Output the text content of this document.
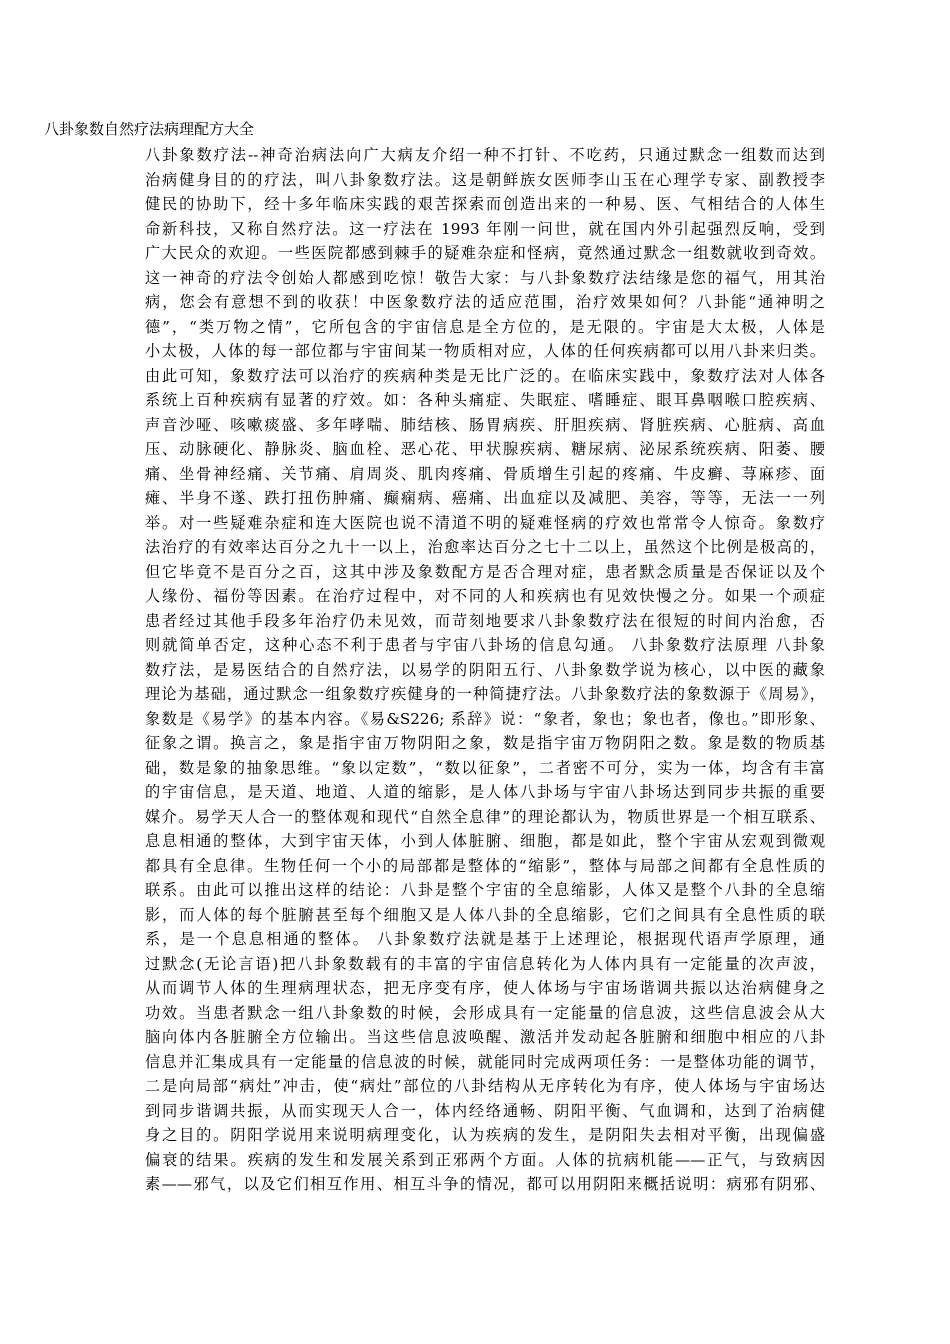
八卦象数自然疗法病理配方大全
八卦象数疗法--神奇治病法向广大病友介绍一种不打针、不吃药，只通过默念一组数而达到
治病健身目的的疗法，叫八卦象数疗法。这是朝鲜族女医师李山玉在心理学专家、副教授李
健民的协助下，经十多年临床实践的艰苦探索而创造出来的一种易、医、气相结合的人体生
命新科技，又称自然疗法。这一疗法在 1993 年刚一问世，就在国内外引起强烈反响，受到
广大民众的欢迎。一些医院都感到棘手的疑难杂症和怪病，竟然通过默念一组数就收到奇效。
这一神奇的疗法令创始人都感到吃惊！敬告大家：与八卦象数疗法结缘是您的福气，用其治
病，您会有意想不到的收获！中医象数疗法的适应范围，治疗效果如何？八卦能“通神明之
德”，“类万物之情”，它所包含的宇宙信息是全方位的，是无限的。宇宙是大太极，人体是
小太极，人体的每一部位都与宇宙间某一物质相对应，人体的任何疾病都可以用八卦来归类。
由此可知，象数疗法可以治疗的疾病种类是无比广泛的。在临床实践中，象数疗法对人体各
系统上百种疾病有显著的疗效。如：各种头痛症、失眠症、嗜睡症、眼耳鼻咽喉口腔疾病、
声音沙哑、咳嗽痰盛、多年哮喘、肺结核、肠胃病疾、肝胆疾病、肾脏疾病、心脏病、高血
压、动脉硬化、静脉炎、脑血栓、恶心花、甲状腺疾病、糖尿病、泌尿系统疾病、阳萎、腰
痛、坐骨神经痛、关节痛、肩周炎、肌肉疼痛、骨质增生引起的疼痛、牛皮癣、荨麻疹、面
瘫、半身不遂、跌打扭伤肿痛、癫痫病、癌痛、出血症以及减肥、美容，等等，无法一一列
举。对一些疑难杂症和连大医院也说不清道不明的疑难怪病的疗效也常常令人惊奇。象数疗
法治疗的有效率达百分之九十一以上，治愈率达百分之七十二以上，虽然这个比例是极高的，
但它毕竟不是百分之百，这其中涉及象数配方是否合理对症，患者默念质量是否保证以及个
人缘份、福份等因素。在治疗过程中，对不同的人和疾病也有见效快慢之分。如果一个顽症
患者经过其他手段多年治疗仍未见效，而苛刻地要求八卦象数疗法在很短的时间内治愈，否
则就简单否定，这种心态不利于患者与宇宙八卦场的信息勾通。 八卦象数疗法原理 八卦象
数疗法，是易医结合的自然疗法，以易学的阴阳五行、八卦象数学说为核心，以中医的藏象
理论为基础，通过默念一组象数疗疾健身的一种简捷疗法。八卦象数疗法的象数源于《周易》，
象数是《易学》的基本内容。《易&S226; 系辞》说：“象者，象也；象也者，像也。”即形象、
征象之谓。换言之，象是指宇宙万物阴阳之象，数是指宇宙万物阴阳之数。象是数的物质基
础，数是象的抽象思维。“象以定数”，“数以征象”，二者密不可分，实为一体，均含有丰富
的宇宙信息，是天道、地道、人道的缩影，是人体八卦场与宇宙八卦场达到同步共振的重要
媒介。易学天人合一的整体观和现代“自然全息律”的理论都认为，物质世界是一个相互联系、
息息相通的整体，大到宇宙天体，小到人体脏腑、细胞，都是如此，整个宇宙从宏观到微观
都具有全息律。生物任何一个小的局部都是整体的“缩影”，整体与局部之间都有全息性质的
联系。由此可以推出这样的结论：八卦是整个宇宙的全息缩影，人体又是整个八卦的全息缩
影，而人体的每个脏腑甚至每个细胞又是人体八卦的全息缩影，它们之间具有全息性质的联
系，是一个息息相通的整体。 八卦象数疗法就是基于上述理论，根据现代语声学原理，通
过默念(无论言语)把八卦象数载有的丰富的宇宙信息转化为人体内具有一定能量的次声波，
从而调节人体的生理病理状态，把无序变有序，使人体场与宇宙场谐调共振以达治病健身之
功效。当患者默念一组八卦象数的时候，会形成具有一定能量的信息波，这些信息波会从大
脑向体内各脏腑全方位输出。当这些信息波唤醒、激活并发动起各脏腑和细胞中相应的八卦
信息并汇集成具有一定能量的信息波的时候，就能同时完成两项任务：一是整体功能的调节，
二是向局部“病灶”冲击，使“病灶”部位的八卦结构从无序转化为有序，使人体场与宇宙场达
到同步谐调共振，从而实现天人合一，体内经络通畅、阴阳平衡、气血调和，达到了治病健
身之目的。阴阳学说用来说明病理变化，认为疾病的发生，是阴阳失去相对平衡，出现偏盛
偏衰的结果。疾病的发生和发展关系到正邪两个方面。人体的抗病机能——正气，与致病因
素——邪气，以及它们相互作用、相互斗争的情况，都可以用阴阳来概括说明：病邪有阴邪、
